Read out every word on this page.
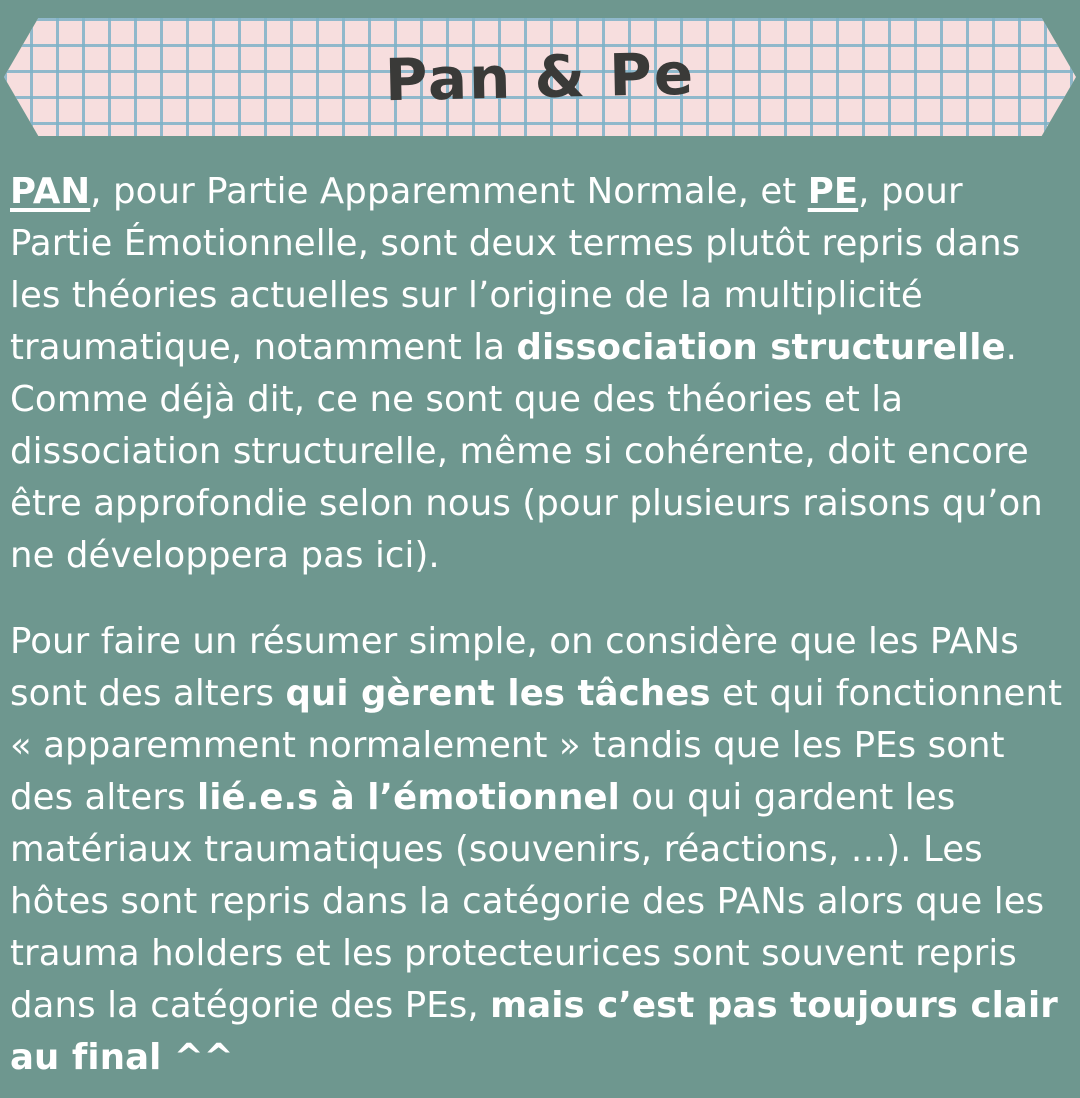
Pan & Pe

PAN, pour Partie Apparemment Normale, et PE, pour Partie Émotionnelle, sont deux termes plutôt repris dans les théories actuelles sur l’origine de la multiplicité traumatique, notamment la dissociation structurelle. Comme déjà dit, ce ne sont que des théories et la dissociation structurelle, même si cohérente, doit encore être approfondie selon nous (pour plusieurs raisons qu’on ne développera pas ici).

Pour faire un résumer simple, on considère que les PANs sont des alters qui gèrent les tâches et qui fonctionnent « apparemment normalement » tandis que les PEs sont des alters lié.e.s à l’émotionnel ou qui gardent les matériaux traumatiques (souvenirs, réactions, …). Les hôtes sont repris dans la catégorie des PANs alors que les trauma holders et les protecteurices sont souvent repris dans la catégorie des PEs, mais c’est pas toujours clair au final ^^
